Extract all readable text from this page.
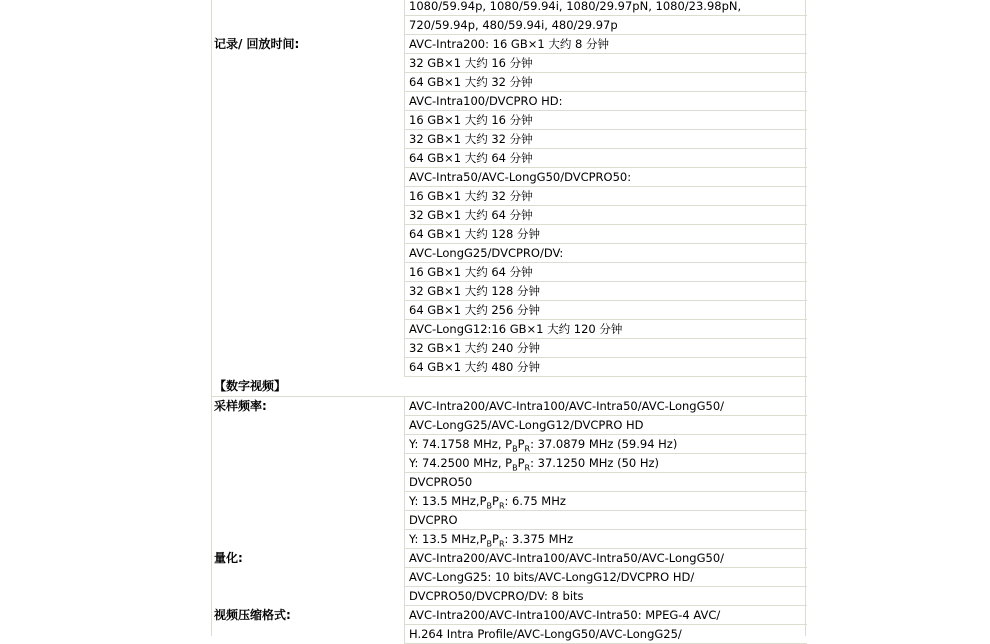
1080/59.94p, 1080/59.94i, 1080/29.97pN, 1080/23.98pN,
720/59.94p, 480/59.94i, 480/29.97p
记录/ 回放时间:	AVC-Intra200: 16 GB×1 大约 8 分钟
32 GB×1 大约 16 分钟
64 GB×1 大约 32 分钟
AVC-Intra100/DVCPRO HD:
16 GB×1 大约 16 分钟
32 GB×1 大约 32 分钟
64 GB×1 大约 64 分钟
AVC-Intra50/AVC-LongG50/DVCPRO50:
16 GB×1 大约 32 分钟
32 GB×1 大约 64 分钟
64 GB×1 大约 128 分钟
AVC-LongG25/DVCPRO/DV:
16 GB×1 大约 64 分钟
32 GB×1 大约 128 分钟
64 GB×1 大约 256 分钟
AVC-LongG12:16 GB×1 大约 120 分钟
32 GB×1 大约 240 分钟
64 GB×1 大约 480 分钟
【数字视频】
采样频率:	AVC-Intra200/AVC-Intra100/AVC-Intra50/AVC-LongG50/
AVC-LongG25/AVC-LongG12/DVCPRO HD
Y: 74.1758 MHz, $P_BP_R$: 37.0879 MHz (59.94 Hz)
Y: 74.2500 MHz, $P_BP_R$: 37.1250 MHz (50 Hz)
DVCPRO50
Y: 13.5 $MHz,P_BP_R$: 6.75 MHz
DVCPRO
Y: 13.5 $MHz,P_BP_R$: 3.375 MHz
量化:	AVC-Intra200/AVC-Intra100/AVC-Intra50/AVC-LongG50/
AVC-LongG25: 10 bits/AVC-LongG12/DVCPRO HD/
DVCPRO50/DVCPRO/DV: 8 bits
视频压缩格式:	AVC-Intra200/AVC-Intra100/AVC-Intra50: MPEG-4 AVC/
H.264 Intra Profile/AVC-LongG50/AVC-LongG25/
